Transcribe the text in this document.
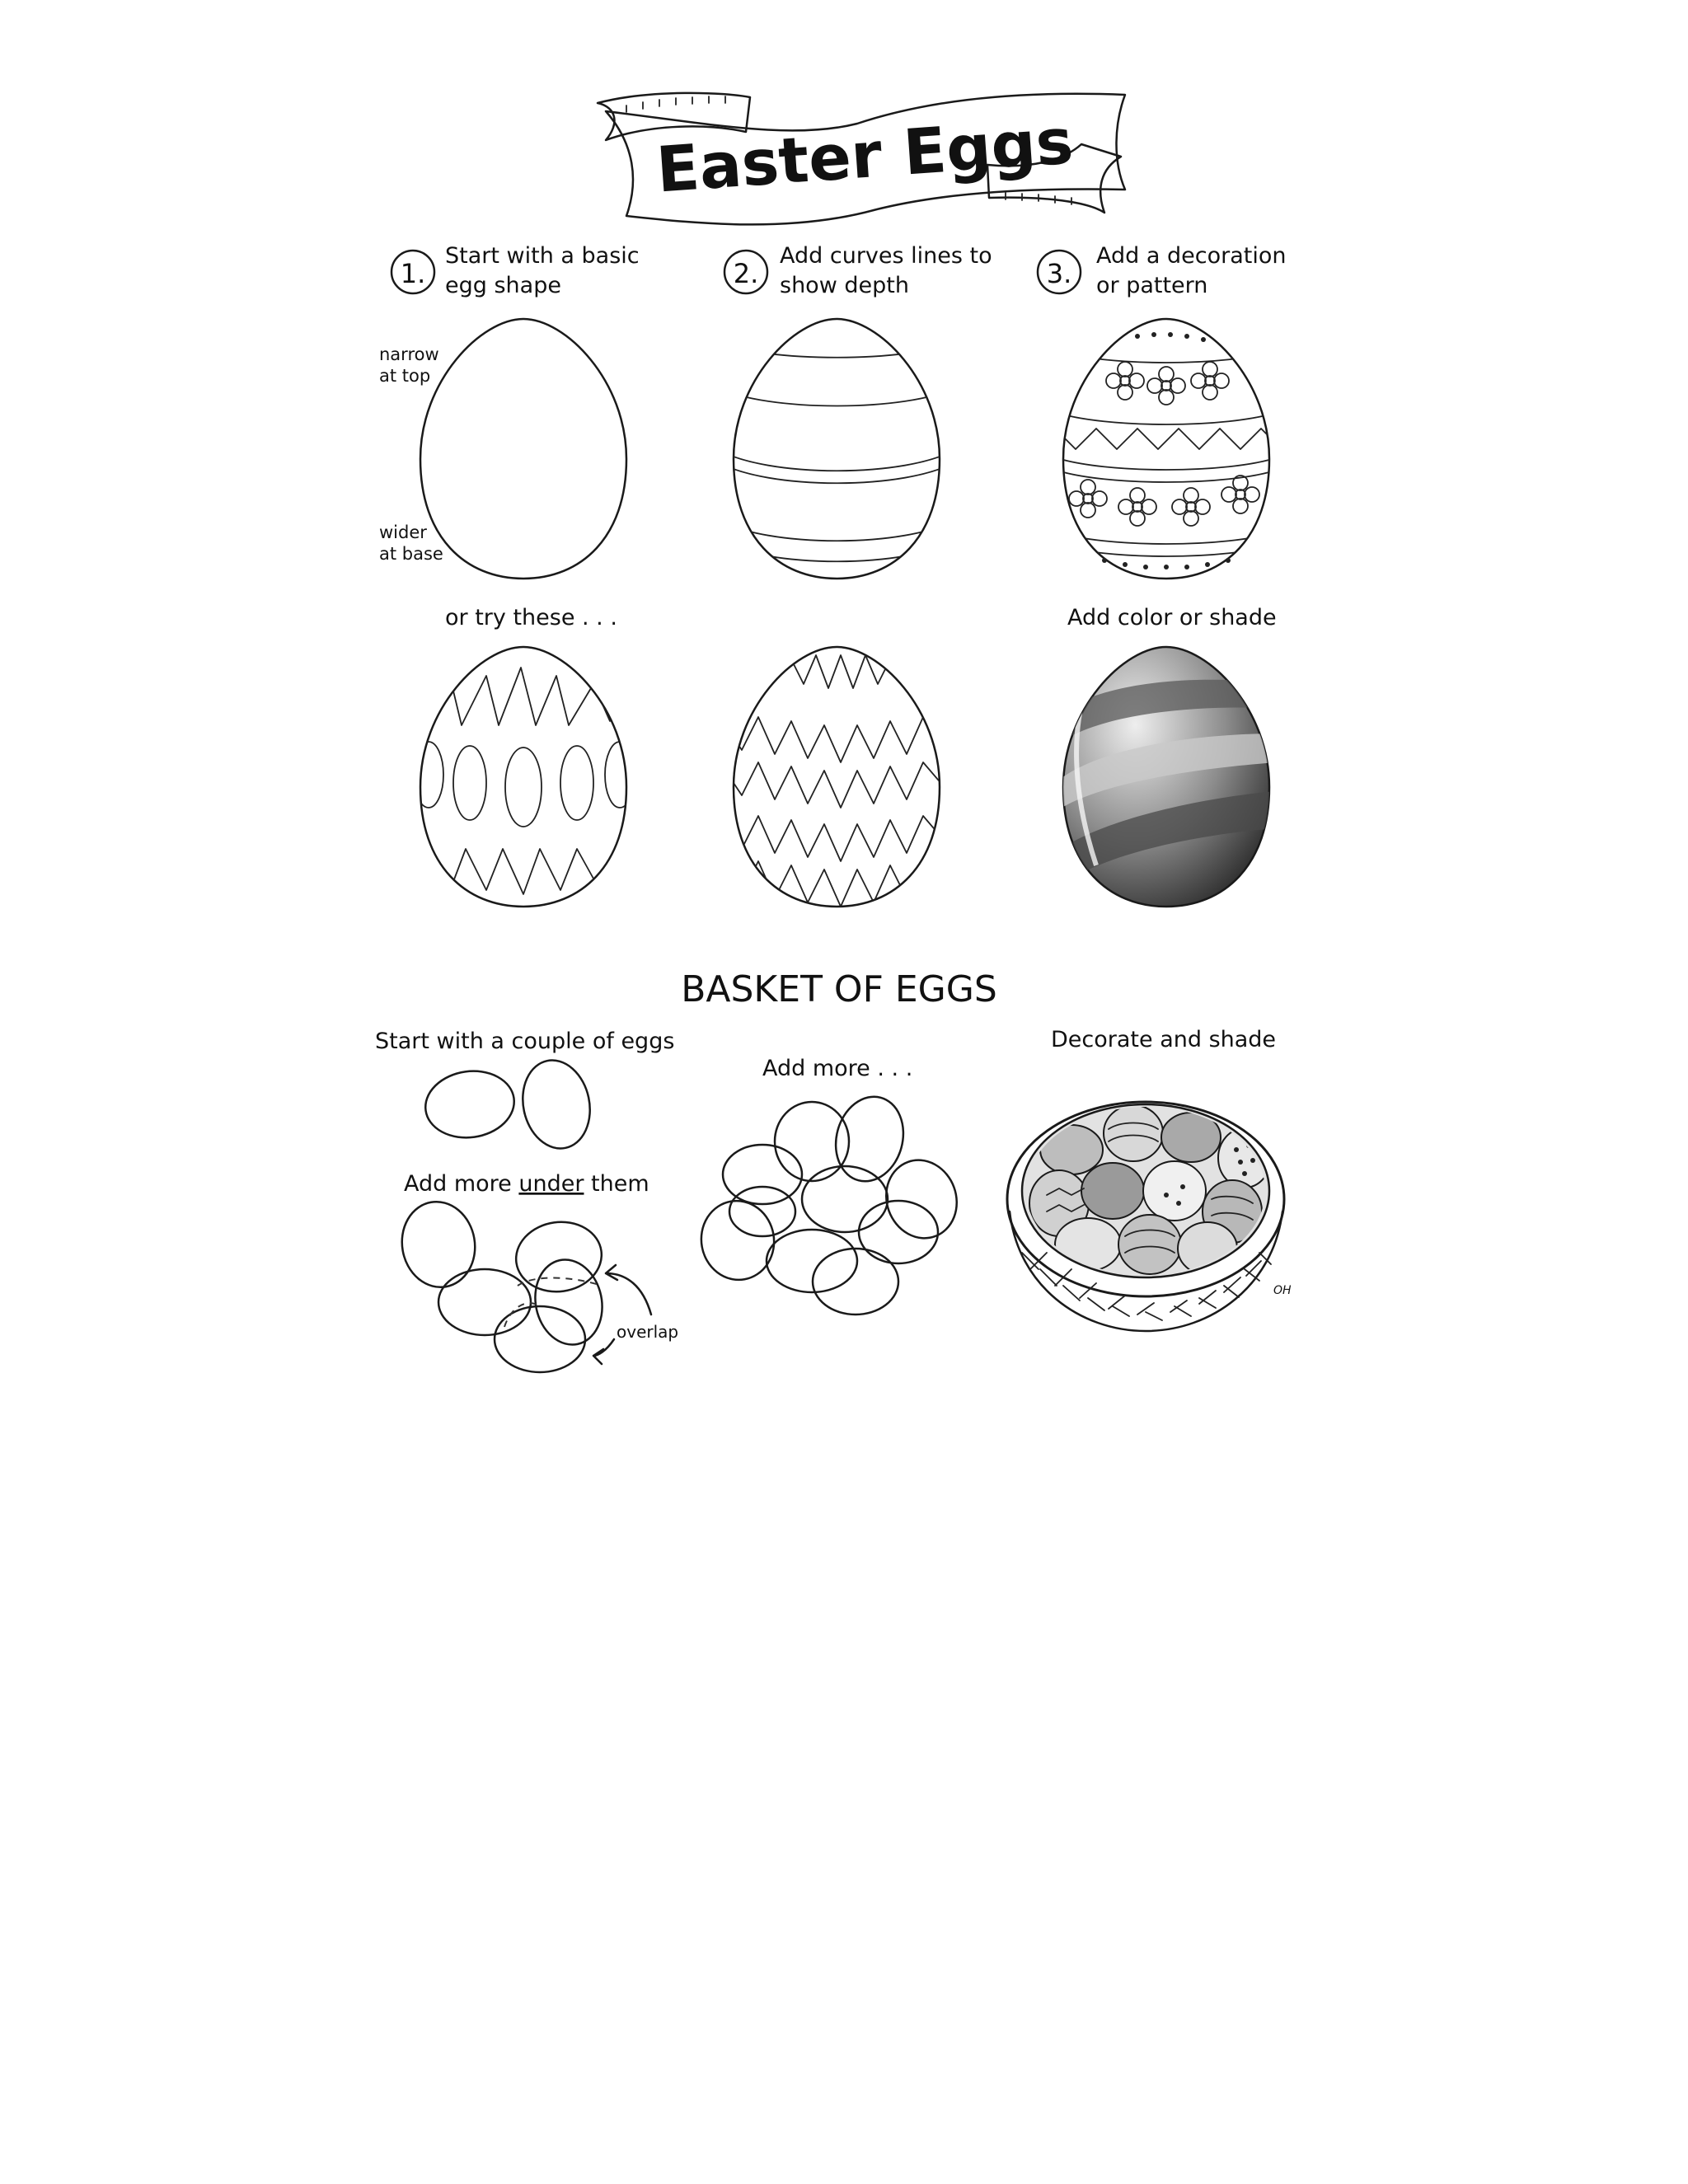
Easter Eggs
1.
Start with a basic
egg shape	2.
Add curves lines to
show depth	3.
Add a decoration
or pattern
narrow
at top
wider
at base
or try these . . .	Add color or shade
BASKET OF EGGS
Start with a couple of eggs
Add more . . .
Decorate and shade
Add more under them
overlap
OH
